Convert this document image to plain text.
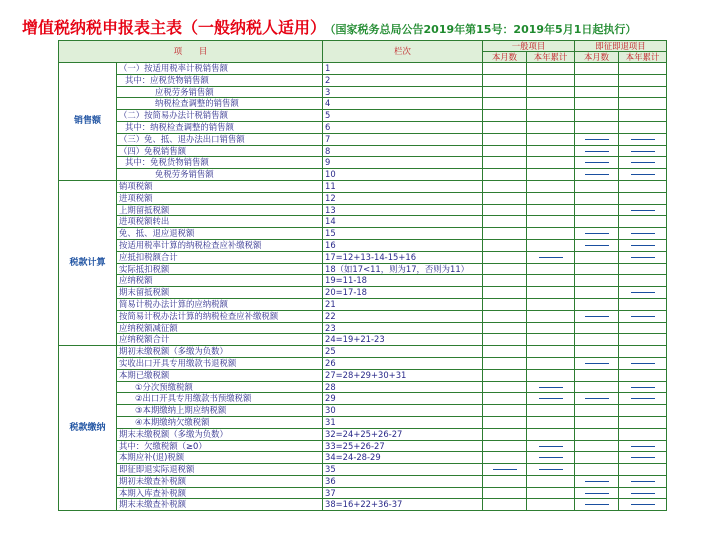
增值税纳税申报表主表（一般纳税人适用） （国家税务总局公告2019年第15号：2019年5月1日起执行）
项　　目		栏次	一般项目		即征即退项目	
			本月数	本年累计	本月数	本年累计
销售额	（一）按适用税率计税销售额	1				
	其中：应税货物销售额	2				
	应税劳务销售额	3				
	纳税检查调整的销售额	4				
	（二）按简易办法计税销售额	5				
	其中：纳税检查调整的销售额	6				
	（三）免、抵、退办法出口销售额	7				
	（四）免税销售额	8				
	其中：免税货物销售额	9				
	免税劳务销售额	10				
税款计算	销项税额	11				
	进项税额	12				
	上期留抵税额	13				
	进项税额转出	14				
	免、抵、退应退税额	15				
	按适用税率计算的纳税检查应补缴税额	16				
	应抵扣税额合计	17=12+13-14-15+16				
	实际抵扣税额	18（如17<11，则为17，否则为11）				
	应纳税额	19=11-18				
	期末留抵税额	20=17-18				
	简易计税办法计算的应纳税额	21				
	按简易计税办法计算的纳税检查应补缴税额	22				
	应纳税额减征额	23				
	应纳税额合计	24=19+21-23				
税款缴纳	期初未缴税额（多缴为负数）	25				
	实收出口开具专用缴款书退税额	26				
	本期已缴税额	27=28+29+30+31				
	①分次预缴税额	28				
	②出口开具专用缴款书预缴税额	29				
	③本期缴纳上期应纳税额	30				
	④本期缴纳欠缴税额	31				
	期末未缴税额（多缴为负数）	32=24+25+26-27				
	其中：欠缴税额（≥0）	33=25+26-27				
	本期应补(退)税额	34=24-28-29				
	即征即退实际退税额	35				
	期初未缴查补税额	36				
	本期入库查补税额	37				
	期末未缴查补税额	38=16+22+36-37				
